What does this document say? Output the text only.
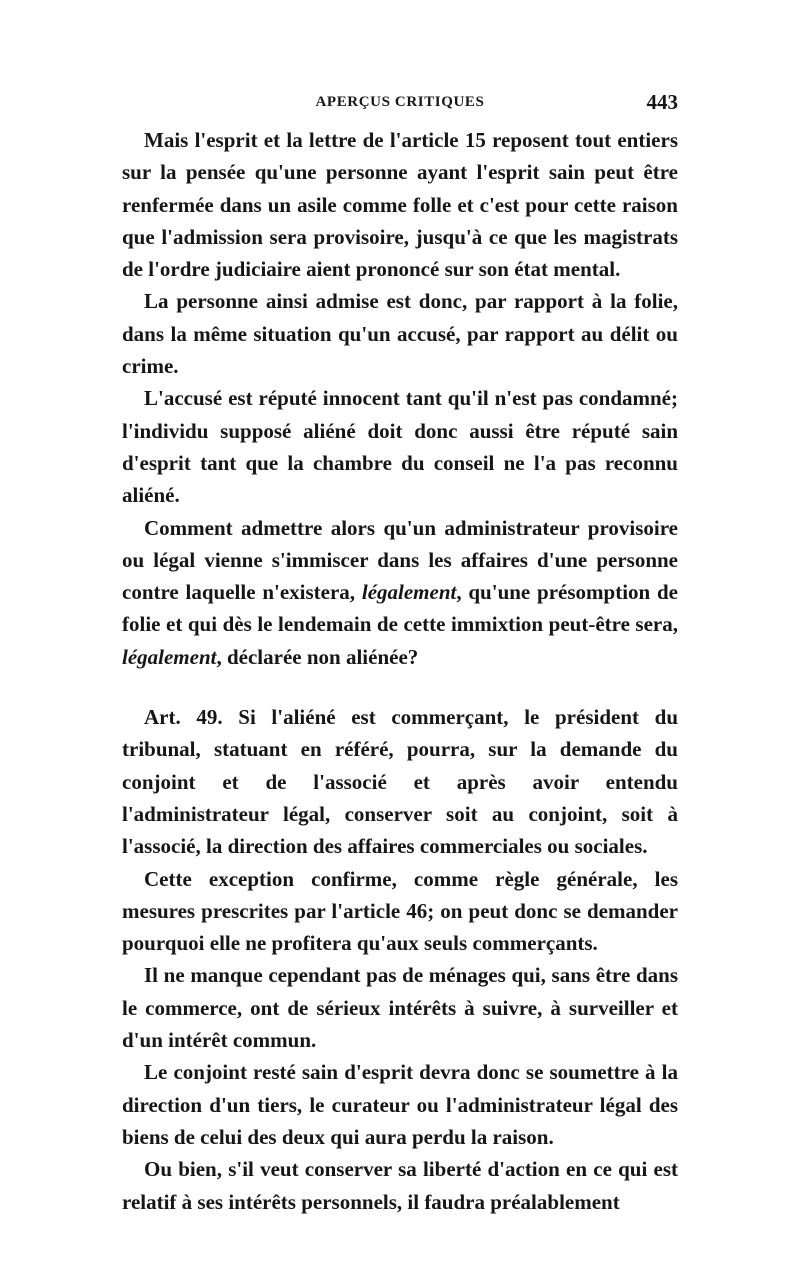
APERÇUS CRITIQUES	443

Mais l'esprit et la lettre de l'article 15 reposent tout entiers sur la pensée qu'une personne ayant l'esprit sain peut être renfermée dans un asile comme folle et c'est pour cette raison que l'admission sera provisoire, jusqu'à ce que les magistrats de l'ordre judiciaire aient prononcé sur son état mental.

La personne ainsi admise est donc, par rapport à la folie, dans la même situation qu'un accusé, par rapport au délit ou crime.

L'accusé est réputé innocent tant qu'il n'est pas condamné; l'individu supposé aliéné doit donc aussi être réputé sain d'esprit tant que la chambre du conseil ne l'a pas reconnu aliéné.

Comment admettre alors qu'un administrateur provisoire ou légal vienne s'immiscer dans les affaires d'une personne contre laquelle n'existera, légalement, qu'une présomption de folie et qui dès le lendemain de cette immixtion peut-être sera, légalement, déclarée non aliénée?

Art. 49. Si l'aliéné est commerçant, le président du tribunal, statuant en référé, pourra, sur la demande du conjoint et de l'associé et après avoir entendu l'administrateur légal, conserver soit au conjoint, soit à l'associé, la direction des affaires commerciales ou sociales.

Cette exception confirme, comme règle générale, les mesures prescrites par l'article 46; on peut donc se demander pourquoi elle ne profitera qu'aux seuls commerçants.

Il ne manque cependant pas de ménages qui, sans être dans le commerce, ont de sérieux intérêts à suivre, à surveiller et d'un intérêt commun.

Le conjoint resté sain d'esprit devra donc se soumettre à la direction d'un tiers, le curateur ou l'administrateur légal des biens de celui des deux qui aura perdu la raison.

Ou bien, s'il veut conserver sa liberté d'action en ce qui est relatif à ses intérêts personnels, il faudra préalablement
